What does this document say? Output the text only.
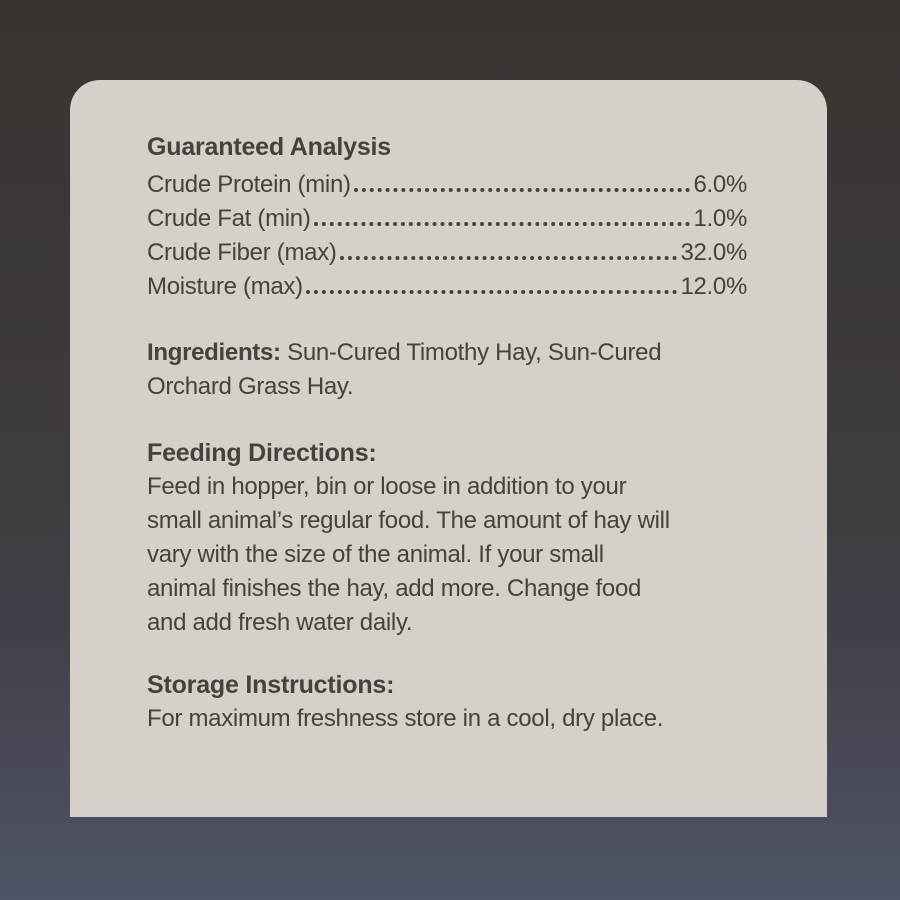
Guaranteed Analysis
Crude Protein (min)	6.0%
Crude Fat (min)	1.0%
Crude Fiber (max)	32.0%
Moisture (max)	12.0%
Ingredients: Sun-Cured Timothy Hay, Sun-Cured
Orchard Grass Hay.
Feeding Directions:
Feed in hopper, bin or loose in addition to your
small animal’s regular food. The amount of hay will
vary with the size of the animal. If your small
animal finishes the hay, add more. Change food
and add fresh water daily.
Storage Instructions:
For maximum freshness store in a cool, dry place.
